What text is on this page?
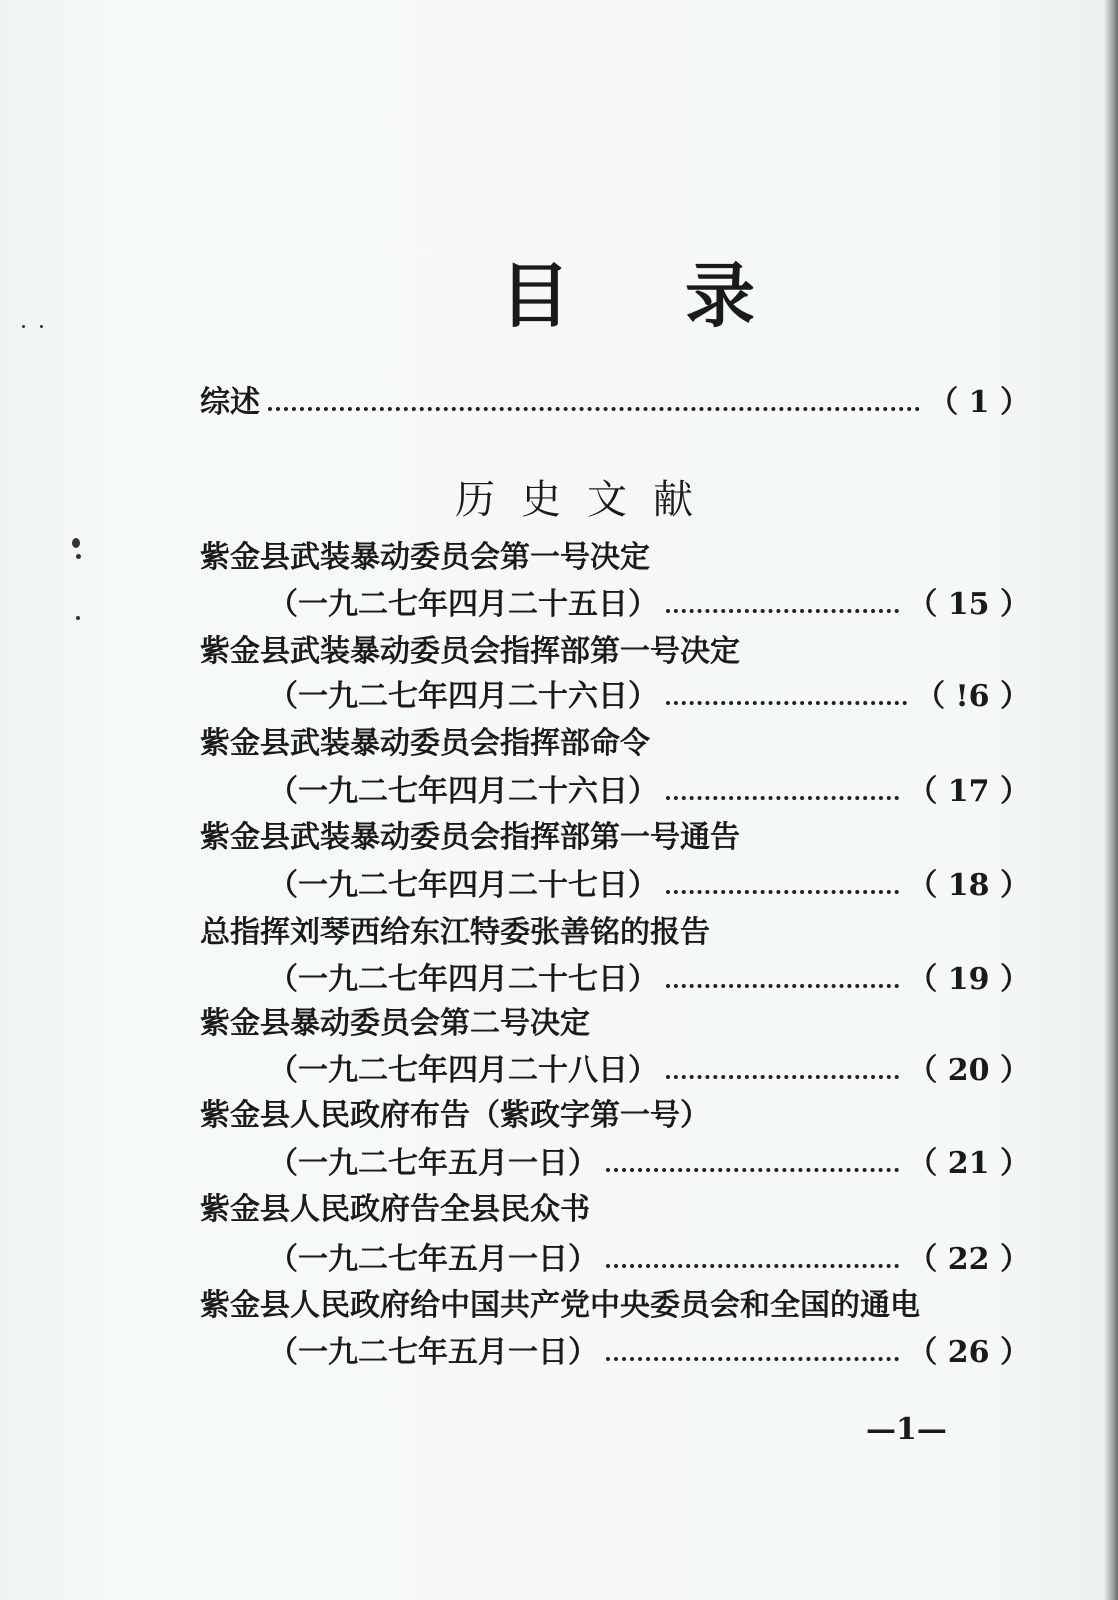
目 录
综述	（ 1 ）
历史文献
紫金县武装暴动委员会第一号决定
（一九二七年四月二十五日）	（ 15 ）
紫金县武装暴动委员会指挥部第一号决定
（一九二七年四月二十六日）	（ !6 ）
紫金县武装暴动委员会指挥部命令
（一九二七年四月二十六日）	（ 17 ）
紫金县武装暴动委员会指挥部第一号通告
（一九二七年四月二十七日）	（ 18 ）
总指挥刘琴西给东江特委张善铭的报告
（一九二七年四月二十七日）	（ 19 ）
紫金县暴动委员会第二号决定
（一九二七年四月二十八日）	（ 20 ）
紫金县人民政府布告（紫政字第一号）
（一九二七年五月一日）	（ 21 ）
紫金县人民政府告全县民众书
（一九二七年五月一日）	（ 22 ）
紫金县人民政府给中国共产党中央委员会和全国的通电
（一九二七年五月一日）	（ 26 ）
—1—
